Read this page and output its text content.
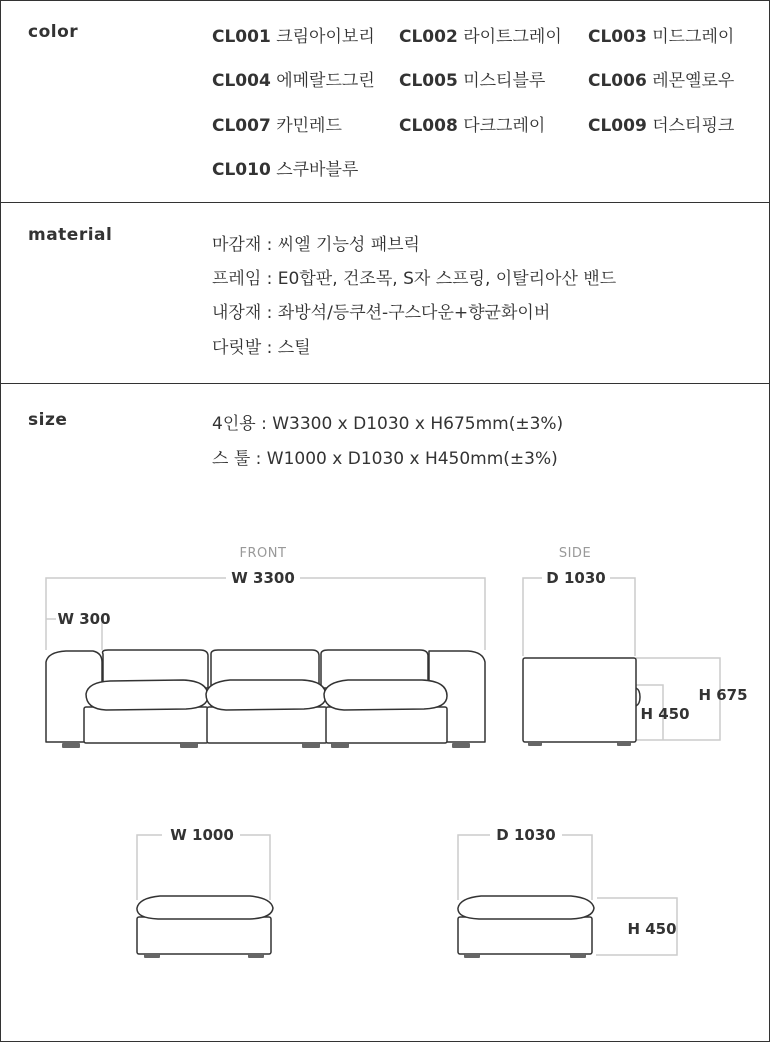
color	CL001 크림아이보리 CL002 라이트그레이 CL003 미드그레이
CL004 에메랄드그린 CL005 미스티블루	CL006 레몬옐로우
CL007 카민레드	CL008 다크그레이	CL009 더스티핑크
CL010 스쿠바블루
material	마감재 : 씨엘 기능성 패브릭
프레임 : E0합판, 건조목, S자 스프링, 이탈리아산 밴드
내장재 : 좌방석/등쿠션-구스다운+향균화이버
다릿발 : 스틸
size	4인용 : W3300 x D1030 x H675mm(±3%)
스 툴 : W1000 x D1030 x H450mm(±3%)
FRONT
W 3300
W 300
SIDE
D 1030
H 450
H 675
W 1000	D 1030
H 450
